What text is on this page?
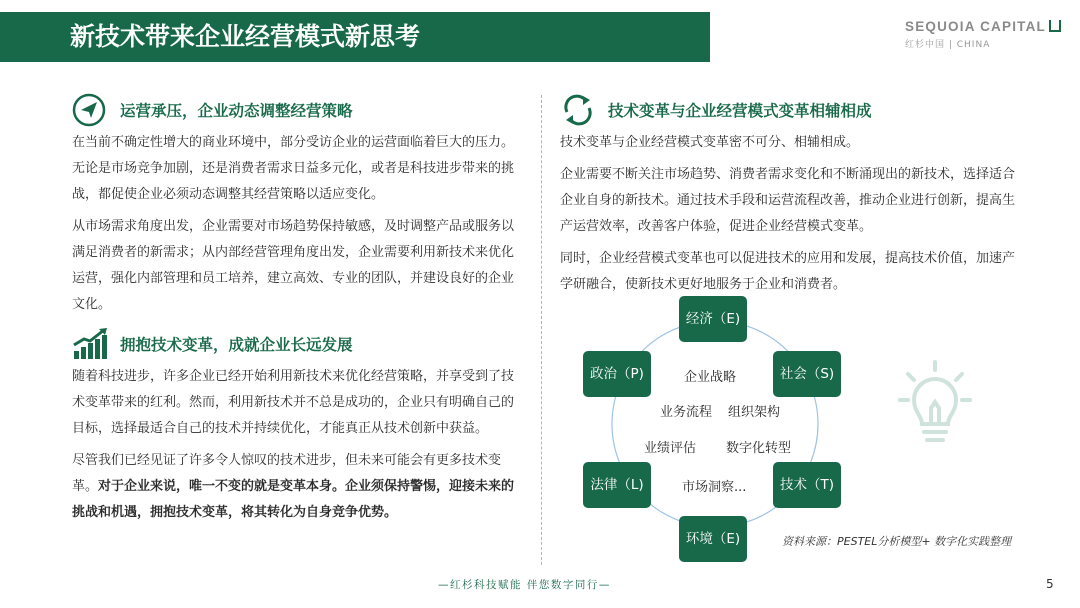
新技术带来企业经营模式新思考	SEQUOIA CAPITAL
红杉中国 | CHINA
运营承压，企业动态调整经营策略

在当前不确定性增大的商业环境中，部分受访企业的运营面临着巨大的压力。无论是市场竞争加剧，还是消费者需求日益多元化，或者是科技进步带来的挑战，都促使企业必须动态调整其经营策略以适应变化。

从市场需求角度出发，企业需要对市场趋势保持敏感，及时调整产品或服务以满足消费者的新需求；从内部经营管理角度出发，企业需要利用新技术来优化运营，强化内部管理和员工培养，建立高效、专业的团队，并建设良好的企业文化。

拥抱技术变革，成就企业长远发展

随着科技进步，许多企业已经开始利用新技术来优化经营策略，并享受到了技术变革带来的红利。然而，利用新技术并不总是成功的，企业只有明确自己的目标，选择最适合自己的技术并持续优化，才能真正从技术创新中获益。

尽管我们已经见证了许多令人惊叹的技术进步，但未来可能会有更多技术变革。对于企业来说，唯一不变的就是变革本身。企业须保持警惕，迎接未来的挑战和机遇，拥抱技术变革，将其转化为自身竞争优势。

技术变革与企业经营模式变革相辅相成

技术变革与企业经营模式变革密不可分、相辅相成。

企业需要不断关注市场趋势、消费者需求变化和不断涌现出的新技术，选择适合企业自身的新技术。通过技术手段和运营流程改善，推动企业进行创新，提高生产运营效率，改善客户体验，促进企业经营模式变革。

同时，企业经营模式变革也可以促进技术的应用和发展，提高技术价值，加速产学研融合，使新技术更好地服务于企业和消费者。

经济（E)
社会（S)
技术（T)
环境（E)
法律（L)
政治（P)	企业战略
业务流程 组织架构
业绩评估 数字化转型
市场洞察...
资料来源：PESTEL分析模型+ 数字化实践整理
—红杉科技赋能 伴您数字同行—	5
